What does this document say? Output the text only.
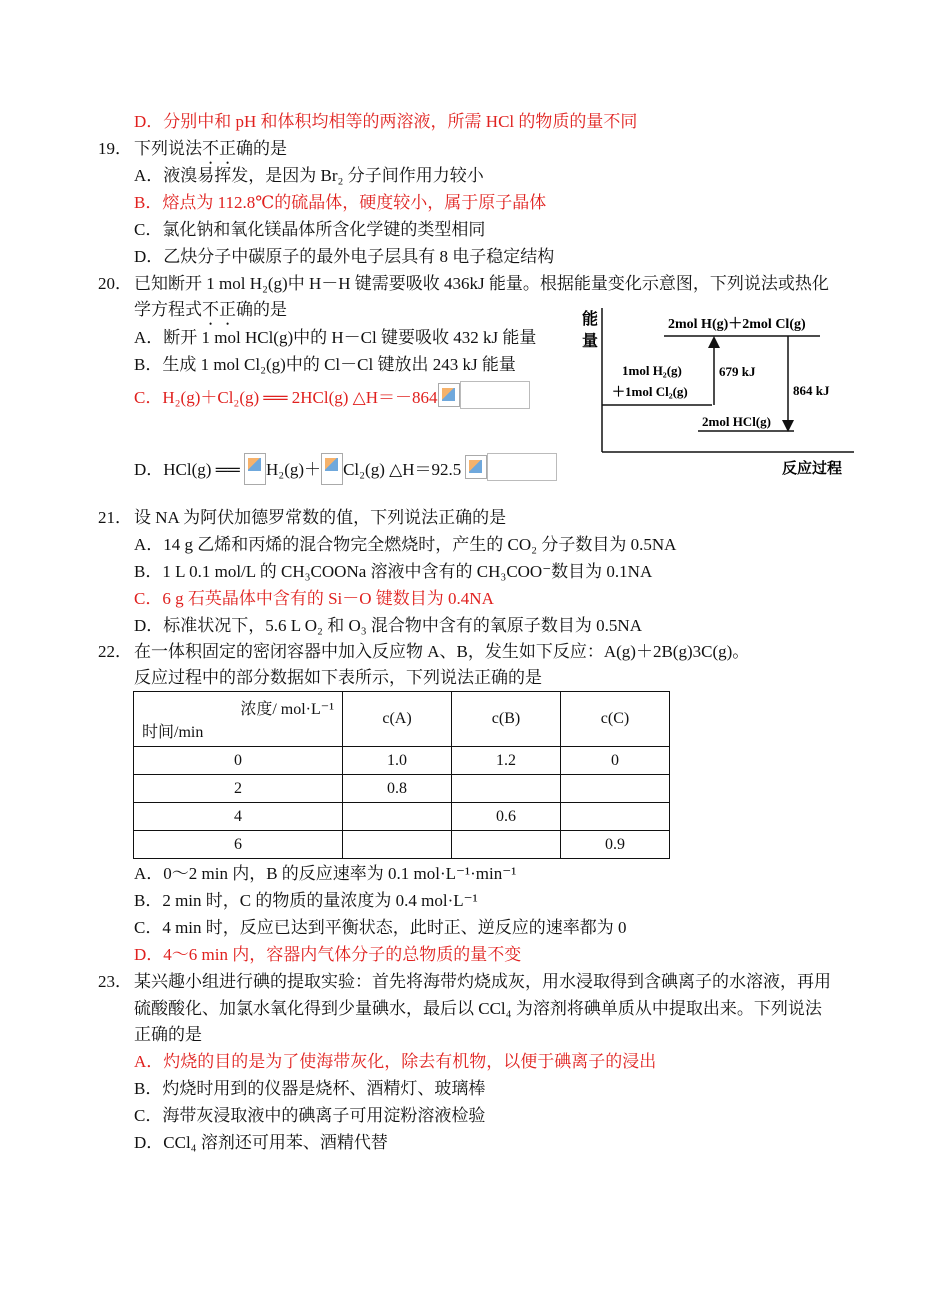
D．分别中和 pH 和体积均相等的两溶液，所需 HCl 的物质的量不同
19． 下列说法不正确的是
A．液溴易挥发，是因为 Br₂ 分子间作用力较小
B．熔点为 112.8℃的硫晶体，硬度较小，属于原子晶体
C．氯化钠和氧化镁晶体所含化学键的类型相同
D．乙炔分子中碳原子的最外电子层具有 8 电子稳定结构
20． 已知断开 1 mol H₂(g)中 H－H 键需要吸收 436kJ 能量。根据能量变化示意图，下列说法或热化
学方程式不正确的是
A．断开 1 mol HCl(g)中的 H－Cl 键要吸收 432 kJ 能量
B．生成 1 mol Cl₂(g)中的 Cl－Cl 键放出 243 kJ 能量
C．H₂(g)＋Cl₂(g) ══ 2HCl(g) △H＝－864
D．HCl(g) ══ H₂(g)＋ Cl₂(g) △H＝92.5
能
量
2mol H(g)＋2mol Cl(g)
1mol H₂(g)
＋1mol Cl₂(g)
679 kJ
864 kJ
2mol HCl(g)
反应过程
21． 设 NA 为阿伏加德罗常数的值，下列说法正确的是
A．14 g 乙烯和丙烯的混合物完全燃烧时，产生的 CO₂ 分子数目为 0.5NA
B．1 L 0.1 mol/L 的 CH₃COONa 溶液中含有的 CH₃COO⁻数目为 0.1NA
C．6 g 石英晶体中含有的 Si－O 键数目为 0.4NA
D．标准状况下，5.6 L O₂ 和 O₃ 混合物中含有的氧原子数目为 0.5NA
22． 在一体积固定的密闭容器中加入反应物 A、B，发生如下反应：A(g)＋2B(g)3C(g)。
反应过程中的部分数据如下表所示，下列说法正确的是
浓度/ mol·L⁻¹
时间/min	c(A)	c(B)	c(C)
0	1.0	1.2	0
2	0.8		
4		0.6	
6			0.9
A．0～2 min 内，B 的反应速率为 0.1 mol·L⁻¹·min⁻¹
B．2 min 时，C 的物质的量浓度为 0.4 mol·L⁻¹
C．4 min 时，反应已达到平衡状态，此时正、逆反应的速率都为 0
D．4～6 min 内，容器内气体分子的总物质的量不变
23． 某兴趣小组进行碘的提取实验：首先将海带灼烧成灰，用水浸取得到含碘离子的水溶液，再用
硫酸酸化、加氯水氧化得到少量碘水，最后以 CCl₄ 为溶剂将碘单质从中提取出来。下列说法
正确的是
A．灼烧的目的是为了使海带灰化，除去有机物，以便于碘离子的浸出
B．灼烧时用到的仪器是烧杯、酒精灯、玻璃棒
C．海带灰浸取液中的碘离子可用淀粉溶液检验
D．CCl₄ 溶剂还可用苯、酒精代替
